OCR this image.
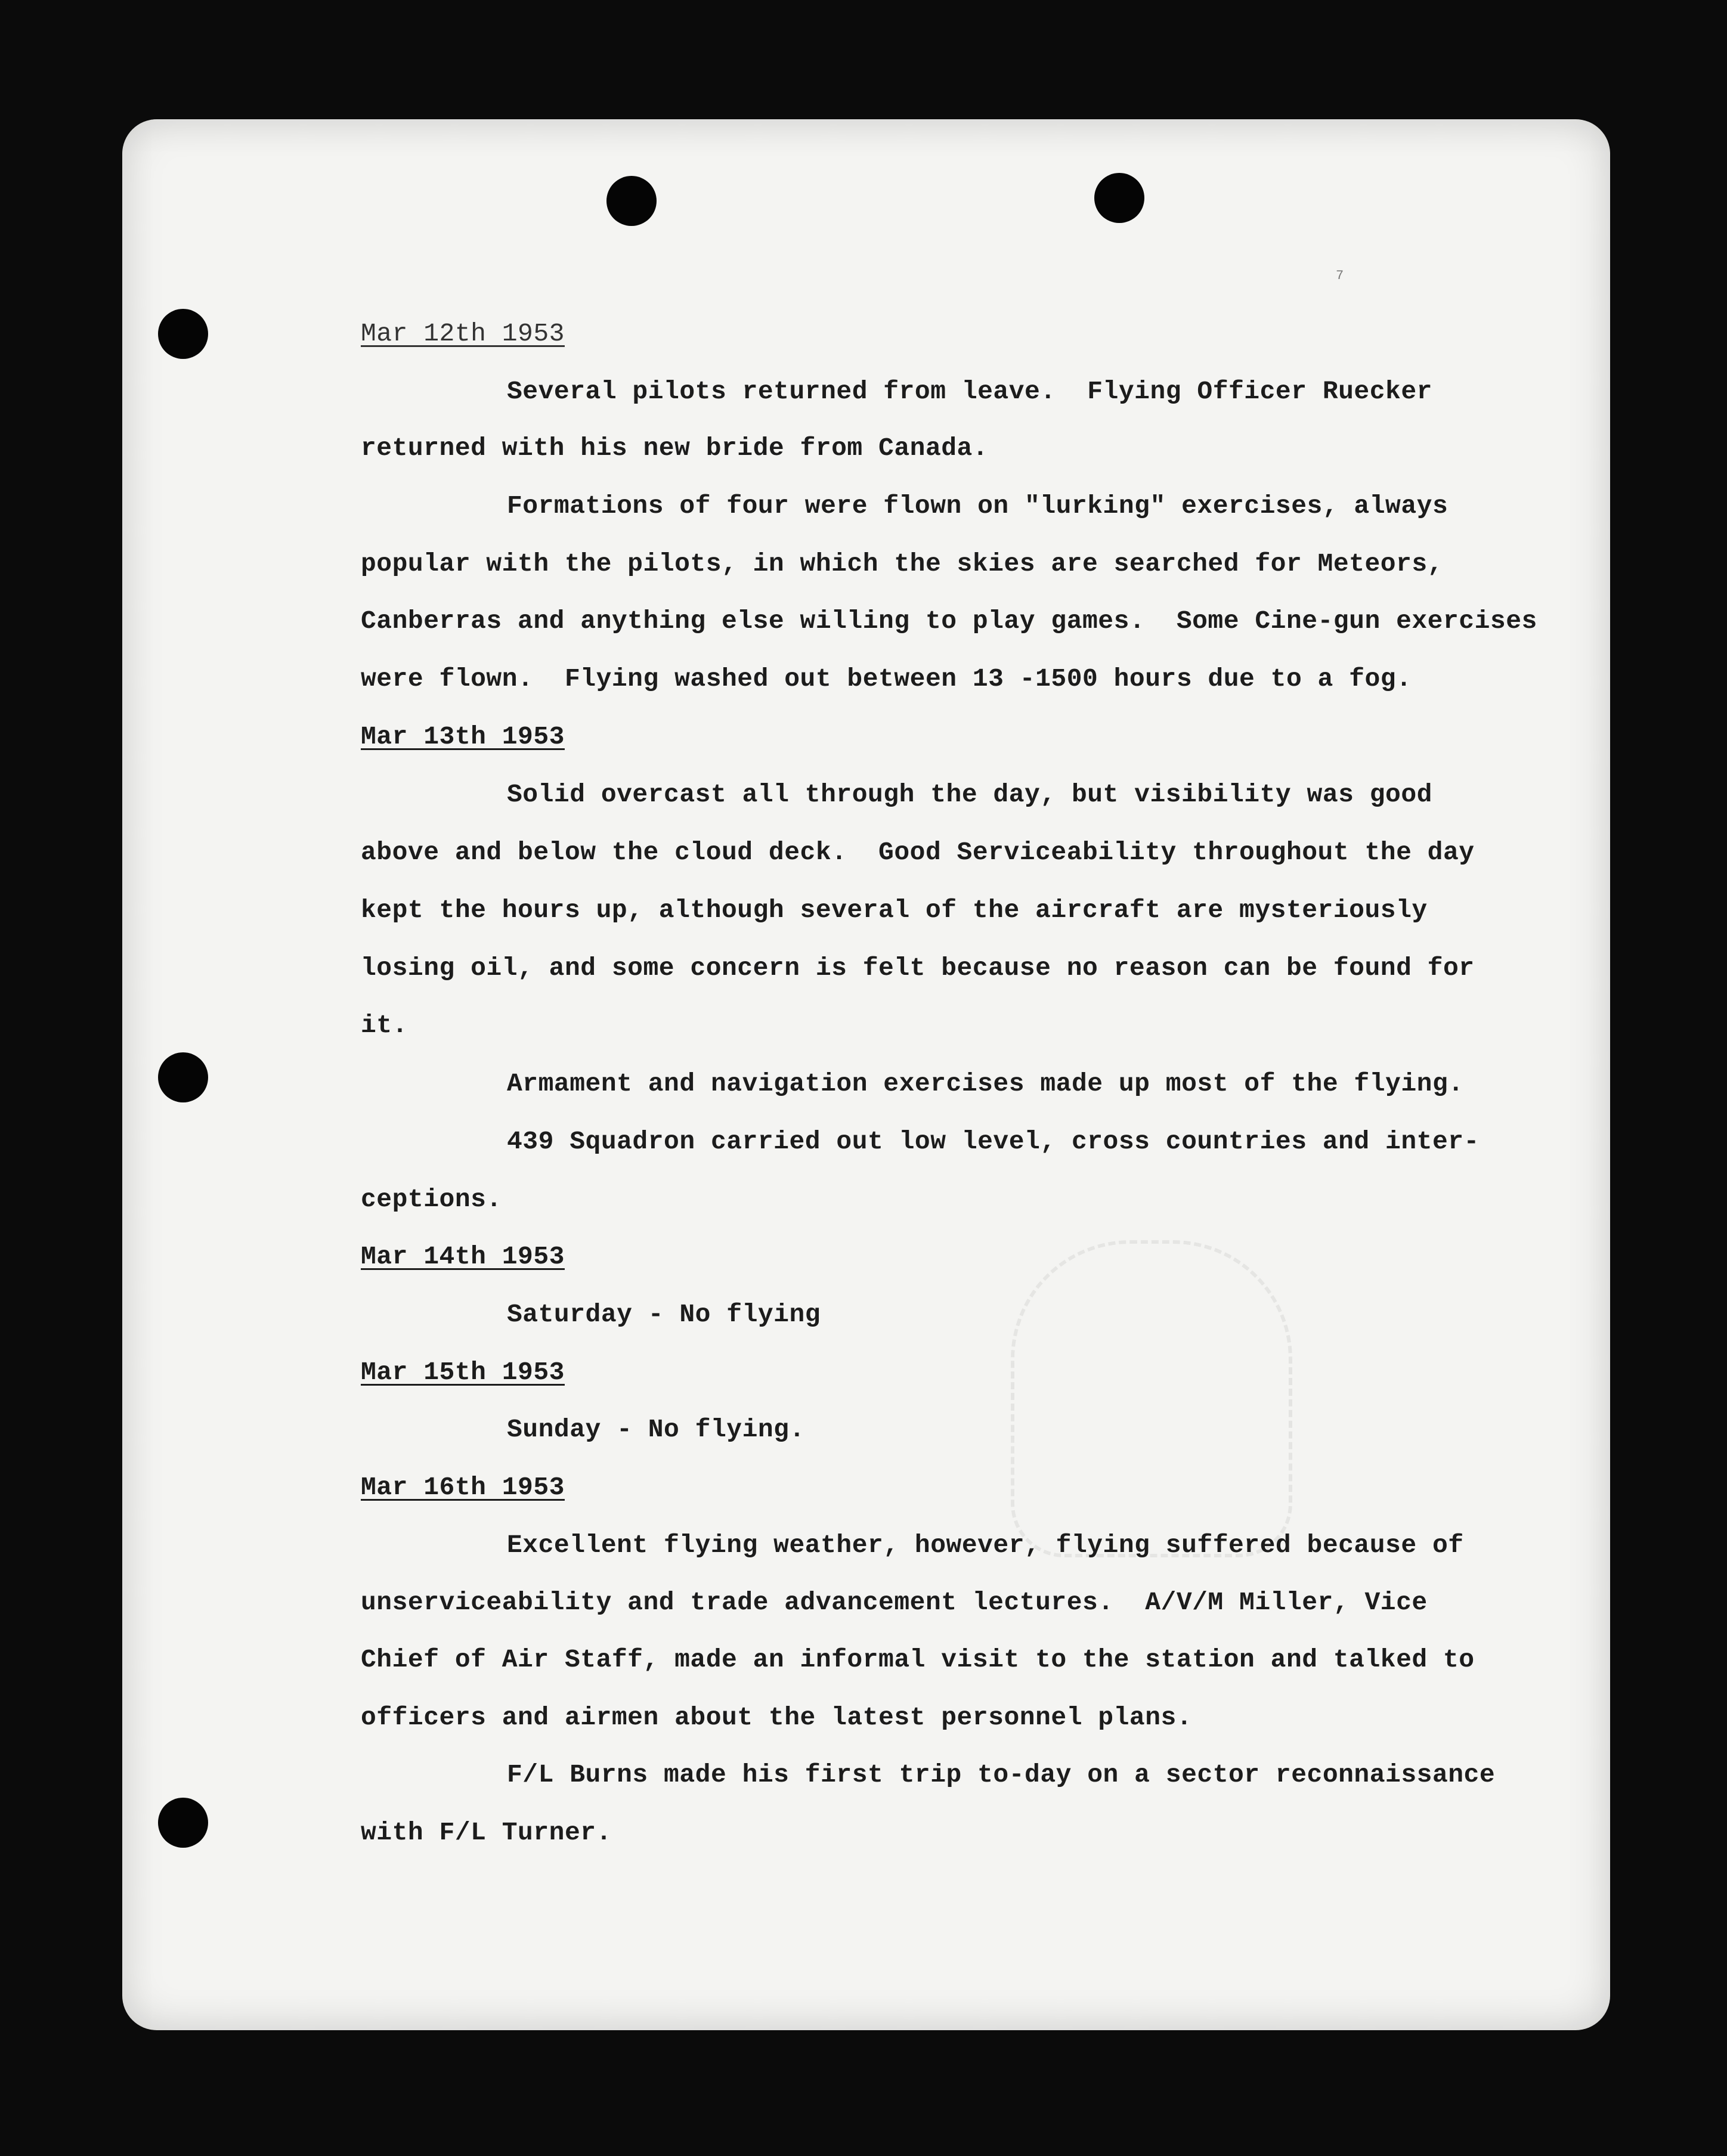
7
Mar 12th 1953
Several pilots returned from leave.  Flying Officer Ruecker
returned with his new bride from Canada.
Formations of four were flown on "lurking" exercises, always
popular with the pilots, in which the skies are searched for Meteors,
Canberras and anything else willing to play games.  Some Cine-gun exercises
were flown.  Flying washed out between 13 -1500 hours due to a fog.
Mar 13th 1953
Solid overcast all through the day, but visibility was good
above and below the cloud deck.  Good Serviceability throughout the day
kept the hours up, although several of the aircraft are mysteriously
losing oil, and some concern is felt because no reason can be found for
it.
Armament and navigation exercises made up most of the flying.
439 Squadron carried out low level, cross countries and inter-
ceptions.
Mar 14th 1953
Saturday - No flying
Mar 15th 1953
Sunday - No flying.
Mar 16th 1953
Excellent flying weather, however, flying suffered because of
unserviceability and trade advancement lectures.  A/V/M Miller, Vice
Chief of Air Staff, made an informal visit to the station and talked to
officers and airmen about the latest personnel plans.
F/L Burns made his first trip to-day on a sector reconnaissance
with F/L Turner.
